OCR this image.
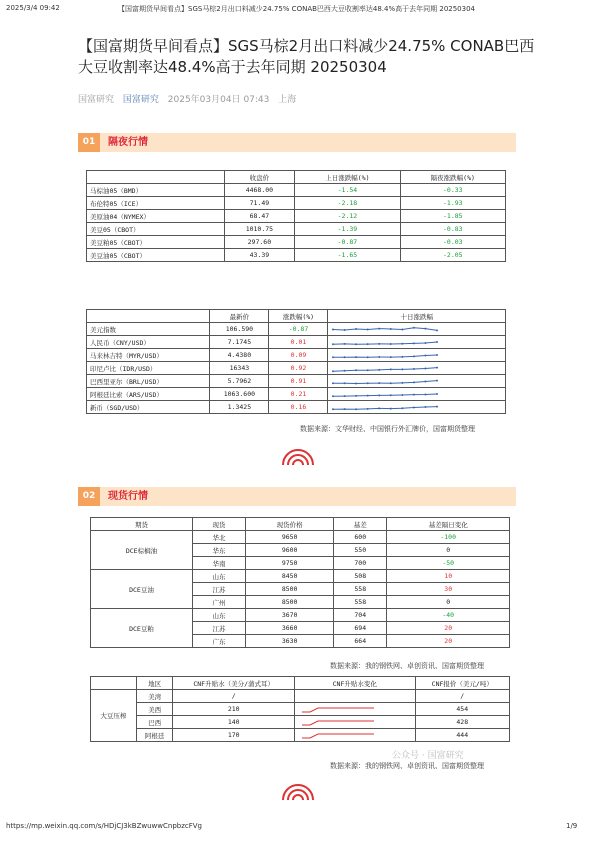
2025/3/4 09:42	【国富期货早间看点】SGS马棕2月出口料减少24.75% CONAB巴西大豆收割率达48.4%高于去年同期 20250304
【国富期货早间看点】SGS马棕2月出口料减少24.75% CONAB巴西大豆收割率达48.4%高于去年同期 20250304
国富研究 国富研究 2025年03月04日 07:43 上海
01	隔夜行情
	收盘价	上日涨跌幅(%)	隔夜涨跌幅(%)
马棕油05（BMD）	4468.00	-1.54	-0.33
布伦特05（ICE）	71.49	-2.18	-1.93
美原油04（NYMEX）	68.47	-2.12	-1.85
美豆05（CBOT）	1010.75	-1.39	-0.83
美豆粕05（CBOT）	297.60	-0.87	-0.03
美豆油05（CBOT）	43.39	-1.65	-2.05
	最新价	涨跌幅(%)	十日涨跌幅
美元指数	106.590	-0.87	

人民币（CNY/USD）	7.1745	0.01	

马来林吉特（MYR/USD）	4.4380	0.09	

印尼卢比（IDR/USD）	16343	0.92	

巴西里亚尔（BRL/USD）	5.7962	0.91	

阿根廷比索（ARS/USD）	1063.600	0.21	

新币（SGD/USD）	1.3425	0.16	
数据来源：文华财经、中国银行外汇牌价，国富期货整理
02	现货行情
期货	现货	现货价格	基差	基差隔日变化
DCE棕榈油	华北	9650	600	-100
	华东	9600	550	0
	华南	9750	700	-50
DCE豆油	山东	8450	508	10
	江苏	8500	558	30
	广州	8500	558	0
DCE豆粕	山东	3670	704	-40
	江苏	3660	694	20
	广东	3630	664	20
数据来源：我的钢铁网、卓创资讯、国富期货整理
	地区	CNF升贴水（美分/蒲式耳）	CNF升贴水变化	CNF报价（美元/吨）
大豆压榨	美湾	/		/
	美西	210		454
	巴西	140		428
	阿根廷	170		444
公众号 · 国富研究
数据来源：我的钢铁网、卓创资讯、国富期货整理
https://mp.weixin.qq.com/s/HDjCJ3kBZwuwwCnpbzcFVg	1/9
